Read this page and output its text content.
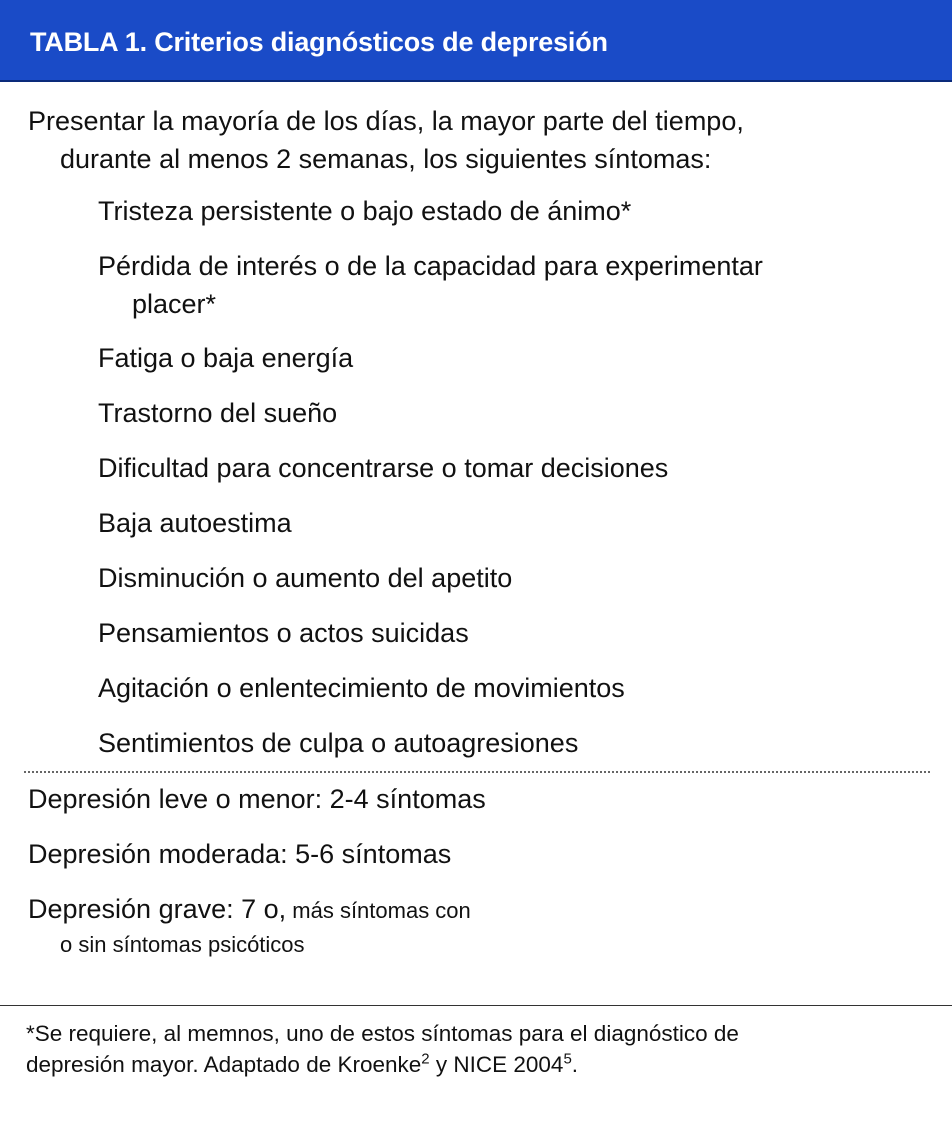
TABLA 1. Criterios diagnósticos de depresión
Presentar la mayoría de los días, la mayor parte del tiempo,
durante al menos 2 semanas, los siguientes síntomas:
Tristeza persistente o bajo estado de ánimo*
Pérdida de interés o de la capacidad para experimentar
placer*
Fatiga o baja energía
Trastorno del sueño
Dificultad para concentrarse o tomar decisiones
Baja autoestima
Disminución o aumento del apetito
Pensamientos o actos suicidas
Agitación o enlentecimiento de movimientos
Sentimientos de culpa o autoagresiones
Depresión leve o menor: 2-4 síntomas
Depresión moderada: 5-6 síntomas
Depresión grave: 7 o, más síntomas con
o sin síntomas psicóticos
*Se requiere, al memnos, uno de estos síntomas para el diagnóstico de
depresión mayor. Adaptado de Kroenke$^2$ y NICE 2004$^5$.
